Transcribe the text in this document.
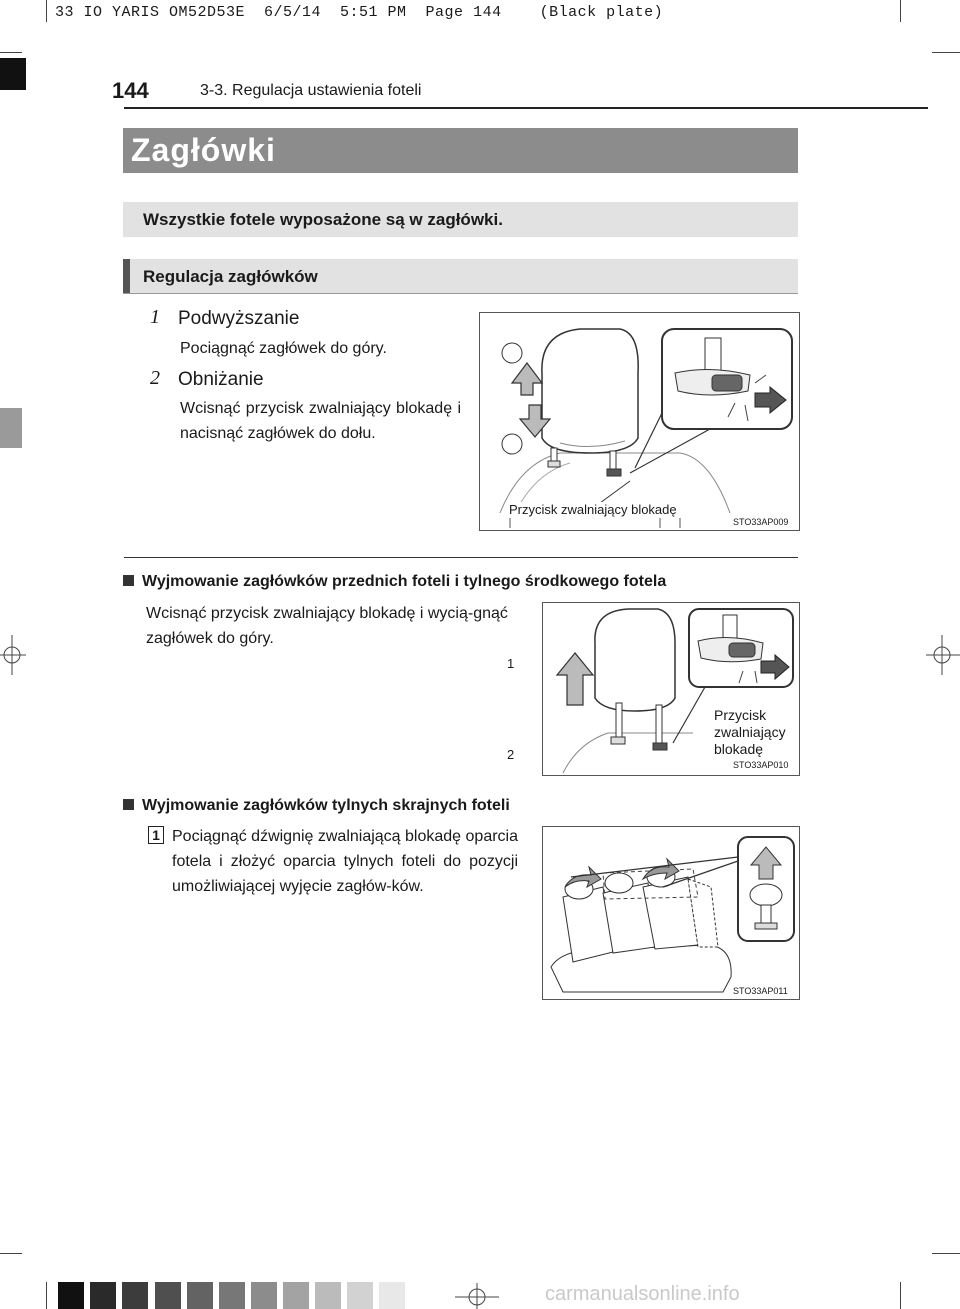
33 IO YARIS OM52D53E  6/5/14  5:51 PM  Page 144    (Black plate)
144	3-3. Regulacja ustawienia foteli
Zagłówki
Wszystkie fotele wyposażone są w zagłówki.
Regulacja zagłówków
1 Podwyższanie
Pociągnąć zagłówek do góry.
2 Obniżanie
Wcisnąć przycisk zwalniający blokadę i nacisnąć zagłówek do dołu.
1
2
Przycisk zwalniający blokadę
STO33AP009
Wyjmowanie zagłówków przednich foteli i tylnego środkowego fotela
Wcisnąć przycisk zwalniający blokadę i wycią-gnąć zagłówek do góry.
Przycisk
zwalniający
blokadę
STO33AP010
Wyjmowanie zagłówków tylnych skrajnych foteli
1 Pociągnąć dźwignię zwalniającą blokadę oparcia fotela i złożyć oparcia tylnych foteli do pozycji umożliwiającej wyjęcie zagłów-ków.
STO33AP011
carmanualsonline.info
